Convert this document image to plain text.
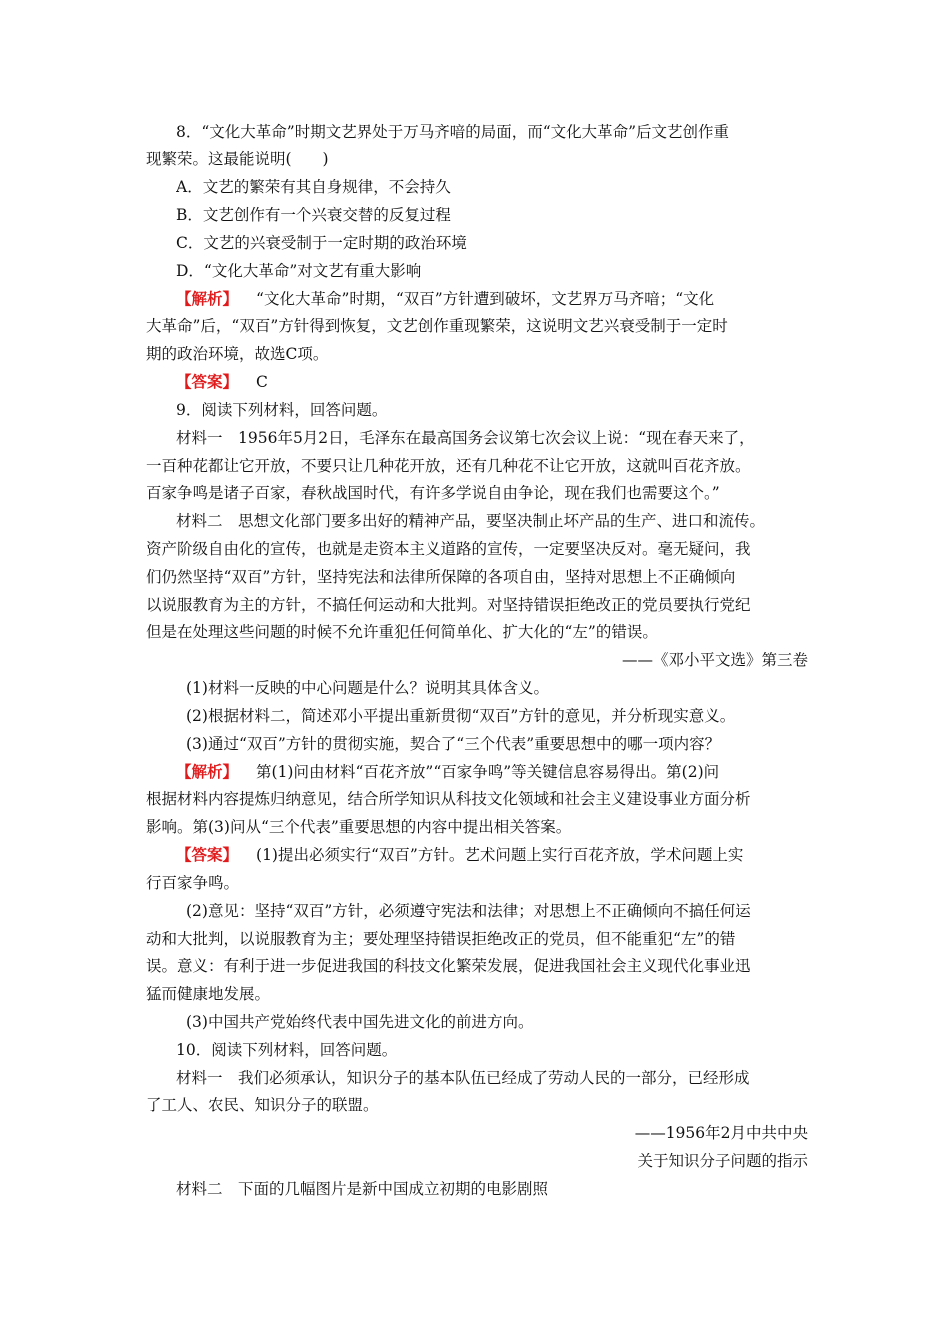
8．“文化大革命”时期文艺界处于万马齐喑的局面，而“文化大革命”后文艺创作重
现繁荣。这最能说明(　　)
A．文艺的繁荣有其自身规律，不会持久
B．文艺创作有一个兴衰交替的反复过程
C．文艺的兴衰受制于一定时期的政治环境
D．“文化大革命”对文艺有重大影响
【解析】 “文化大革命”时期，“双百”方针遭到破坏，文艺界万马齐喑；“文化
大革命”后，“双百”方针得到恢复，文艺创作重现繁荣，这说明文艺兴衰受制于一定时
期的政治环境，故选C项。
【答案】 C
9．阅读下列材料，回答问题。
材料一　1956年5月2日，毛泽东在最高国务会议第七次会议上说：“现在春天来了，
一百种花都让它开放，不要只让几种花开放，还有几种花不让它开放，这就叫百花齐放。
百家争鸣是诸子百家，春秋战国时代，有许多学说自由争论，现在我们也需要这个。”
材料二　思想文化部门要多出好的精神产品，要坚决制止坏产品的生产、进口和流传。
资产阶级自由化的宣传，也就是走资本主义道路的宣传，一定要坚决反对。毫无疑问，我
们仍然坚持“双百”方针，坚持宪法和法律所保障的各项自由，坚持对思想上不正确倾向
以说服教育为主的方针，不搞任何运动和大批判。对坚持错误拒绝改正的党员要执行党纪
但是在处理这些问题的时候不允许重犯任何简单化、扩大化的“左”的错误。
——《邓小平文选》第三卷
(1)材料一反映的中心问题是什么？说明其具体含义。
(2)根据材料二，简述邓小平提出重新贯彻“双百”方针的意见，并分析现实意义。
(3)通过“双百”方针的贯彻实施，契合了“三个代表”重要思想中的哪一项内容？
【解析】 第(1)问由材料“百花齐放”“百家争鸣”等关键信息容易得出。第(2)问
根据材料内容提炼归纳意见，结合所学知识从科技文化领域和社会主义建设事业方面分析
影响。第(3)问从“三个代表”重要思想的内容中提出相关答案。
【答案】 (1)提出必须实行“双百”方针。艺术问题上实行百花齐放，学术问题上实
行百家争鸣。
(2)意见：坚持“双百”方针，必须遵守宪法和法律；对思想上不正确倾向不搞任何运
动和大批判，以说服教育为主；要处理坚持错误拒绝改正的党员，但不能重犯“左”的错
误。意义：有利于进一步促进我国的科技文化繁荣发展，促进我国社会主义现代化事业迅
猛而健康地发展。
(3)中国共产党始终代表中国先进文化的前进方向。
10．阅读下列材料，回答问题。
材料一　我们必须承认，知识分子的基本队伍已经成了劳动人民的一部分，已经形成
了工人、农民、知识分子的联盟。
——1956年2月中共中央
关于知识分子问题的指示
材料二　下面的几幅图片是新中国成立初期的电影剧照
